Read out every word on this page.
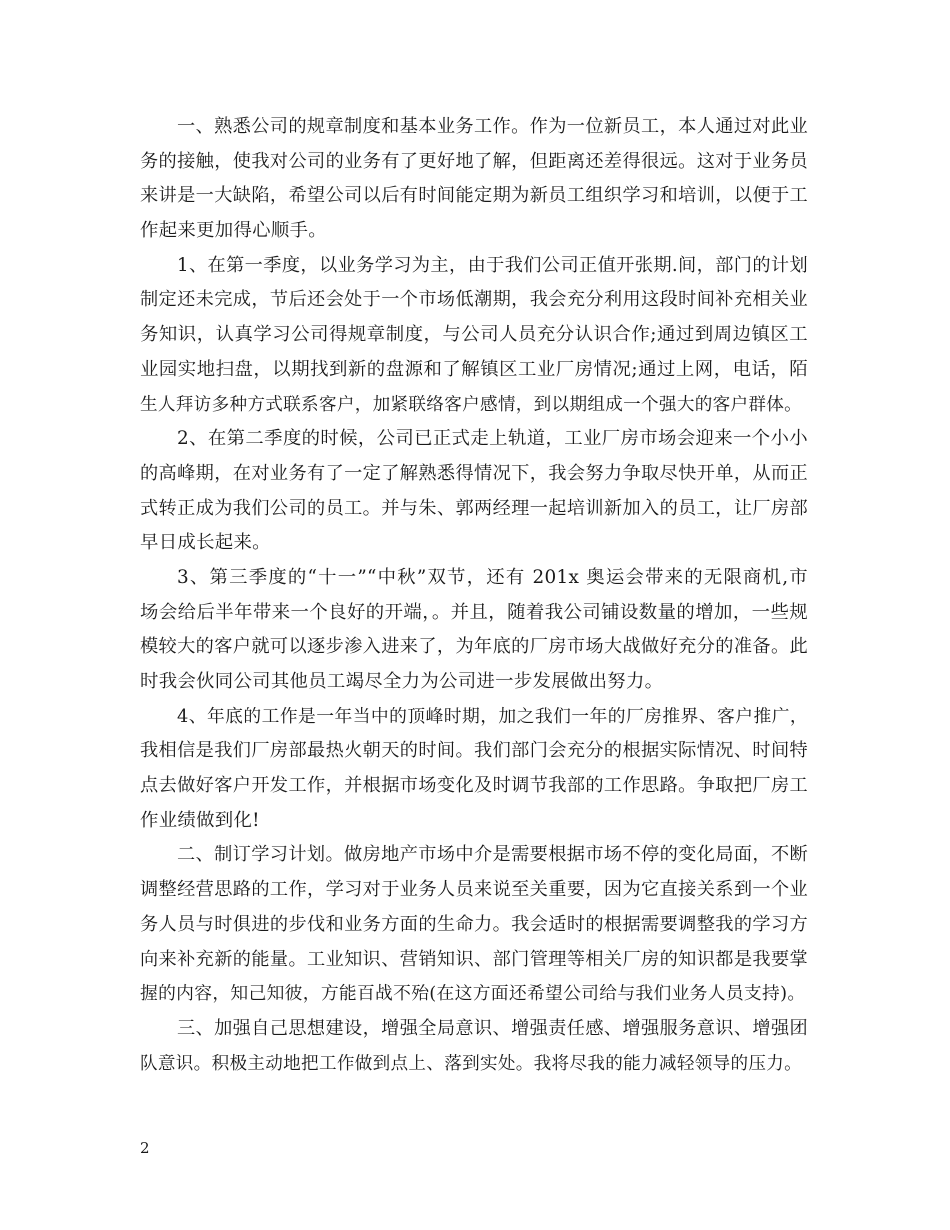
一、熟悉公司的规章制度和基本业务工作。作为一位新员工，本人通过对此业
务的接触，使我对公司的业务有了更好地了解，但距离还差得很远。这对于业务员
来讲是一大缺陷，希望公司以后有时间能定期为新员工组织学习和培训，以便于工
作起来更加得心顺手。
1、在第一季度，以业务学习为主，由于我们公司正值开张期.间，部门的计划
制定还未完成，节后还会处于一个市场低潮期，我会充分利用这段时间补充相关业
务知识，认真学习公司得规章制度，与公司人员充分认识合作;通过到周边镇区工
业园实地扫盘，以期找到新的盘源和了解镇区工业厂房情况;通过上网，电话，陌
生人拜访多种方式联系客户，加紧联络客户感情，到以期组成一个强大的客户群体。
2、在第二季度的时候，公司已正式走上轨道，工业厂房市场会迎来一个小小
的高峰期，在对业务有了一定了解熟悉得情况下，我会努力争取尽快开单，从而正
式转正成为我们公司的员工。并与朱、郭两经理一起培训新加入的员工，让厂房部
早日成长起来。
3、第三季度的“十一”“中秋”双节，还有 201x 奥运会带来的无限商机,市
场会给后半年带来一个良好的开端，。并且，随着我公司铺设数量的增加，一些规
模较大的客户就可以逐步渗入进来了，为年底的厂房市场大战做好充分的准备。此
时我会伙同公司其他员工竭尽全力为公司进一步发展做出努力。
4、年底的工作是一年当中的顶峰时期，加之我们一年的厂房推界、客户推广，
我相信是我们厂房部最热火朝天的时间。我们部门会充分的根据实际情况、时间特
点去做好客户开发工作，并根据市场变化及时调节我部的工作思路。争取把厂房工
作业绩做到化!
二、制订学习计划。做房地产市场中介是需要根据市场不停的变化局面，不断
调整经营思路的工作，学习对于业务人员来说至关重要，因为它直接关系到一个业
务人员与时俱进的步伐和业务方面的生命力。我会适时的根据需要调整我的学习方
向来补充新的能量。工业知识、营销知识、部门管理等相关厂房的知识都是我要掌
握的内容，知己知彼，方能百战不殆(在这方面还希望公司给与我们业务人员支持)。
三、加强自己思想建设，增强全局意识、增强责任感、增强服务意识、增强团
队意识。积极主动地把工作做到点上、落到实处。我将尽我的能力减轻领导的压力。
2
